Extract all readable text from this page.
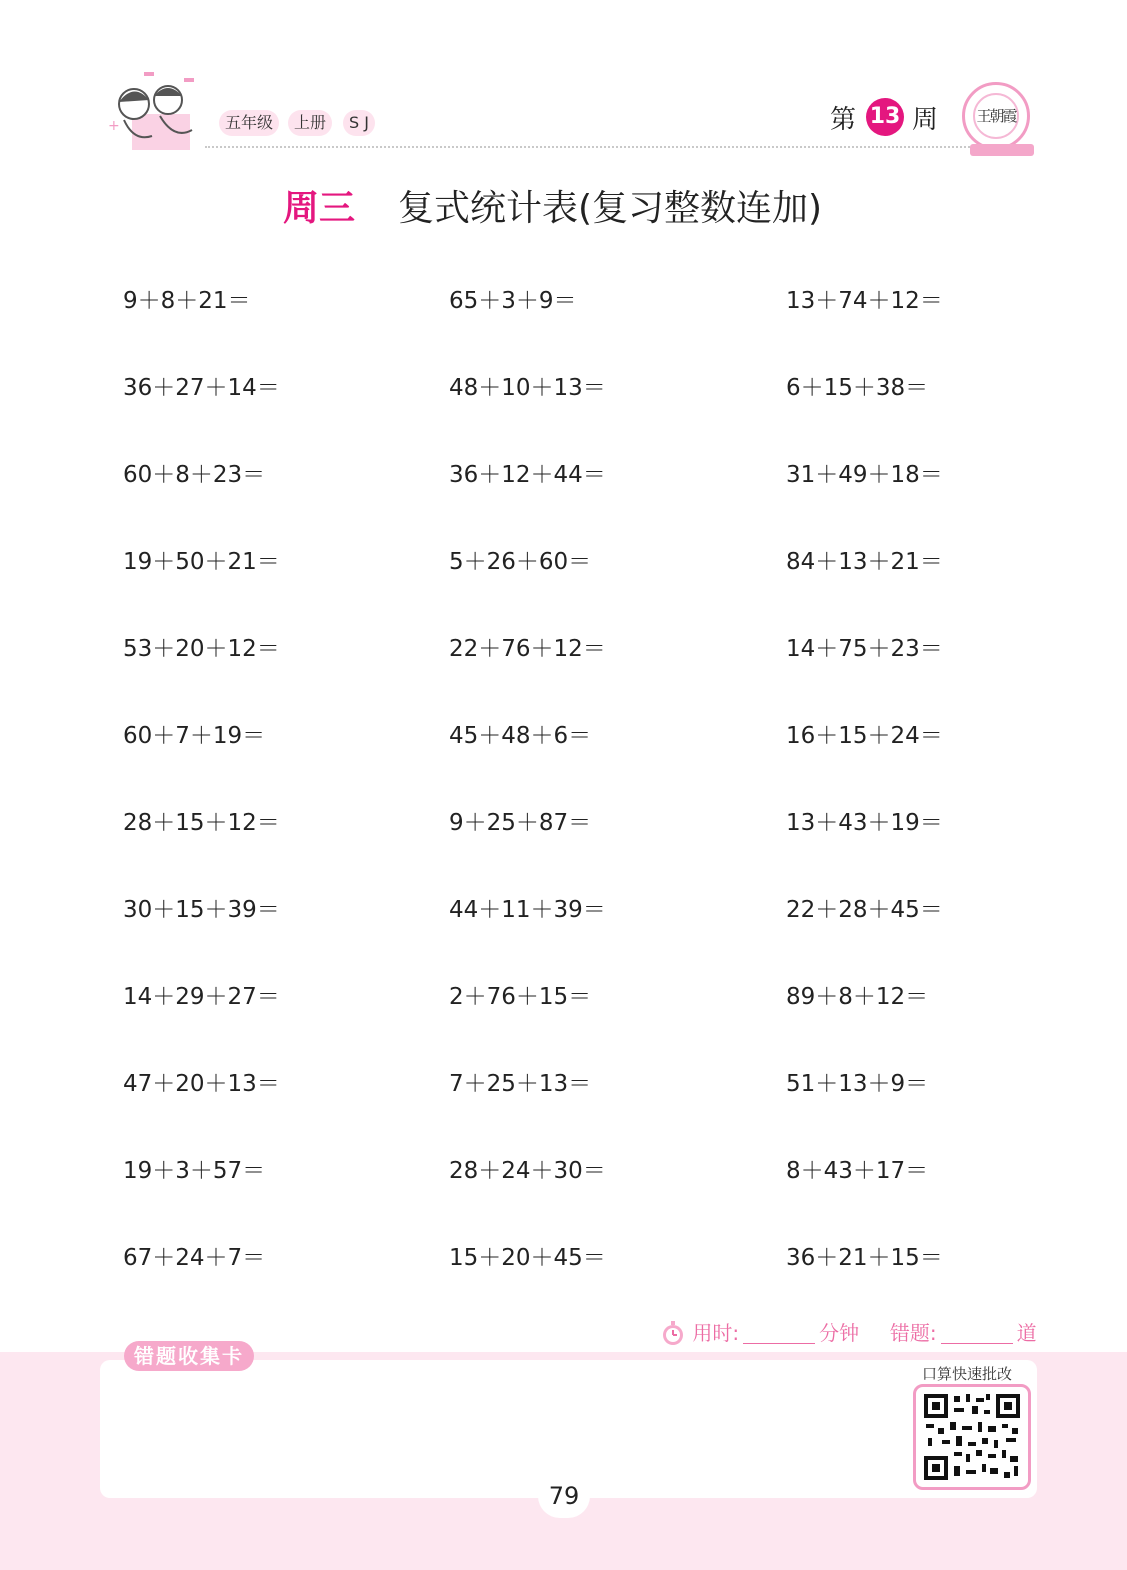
+	五年级	上册	S J	第 13 周	王朝霞
周三 复式统计表(复习整数连加)
9＋8＋21＝	65＋3＋9＝	13＋74＋12＝
36＋27＋14＝	48＋10＋13＝	6＋15＋38＝
60＋8＋23＝	36＋12＋44＝	31＋49＋18＝
19＋50＋21＝	5＋26＋60＝	84＋13＋21＝
53＋20＋12＝	22＋76＋12＝	14＋75＋23＝
60＋7＋19＝	45＋48＋6＝	16＋15＋24＝
28＋15＋12＝	9＋25＋87＝	13＋43＋19＝
30＋15＋39＝	44＋11＋39＝	22＋28＋45＝
14＋29＋27＝	2＋76＋15＝	89＋8＋12＝
47＋20＋13＝	7＋25＋13＝	51＋13＋9＝
19＋3＋57＝	28＋24＋30＝	8＋43＋17＝
67＋24＋7＝	15＋20＋45＝	36＋21＋15＝
用时:	分钟 错题:	道
错题收集卡
口算快速批改
79
